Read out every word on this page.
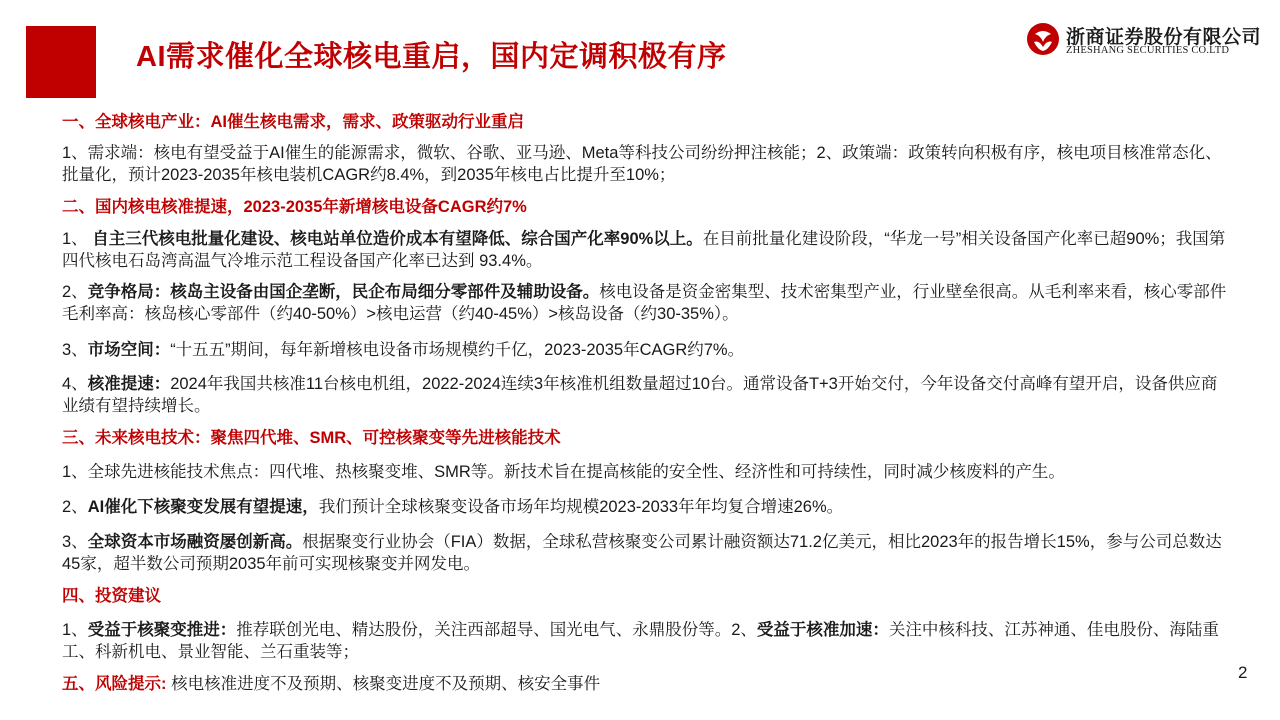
AI需求催化全球核电重启，国内定调积极有序
浙商证券股份有限公司
ZHESHANG SECURITIES CO.LTD

一、全球核电产业：AI催生核电需求，需求、政策驱动行业重启

1、需求端：核电有望受益于AI催生的能源需求，微软、谷歌、亚马逊、Meta等科技公司纷纷押注核能；2、政策端：政策转向积极有序，核电项目核准常态化、批量化，预计2023-2035年核电装机CAGR约8.4%，到2035年核电占比提升至10%；

二、国内核电核准提速，2023-2035年新增核电设备CAGR约7%

1、 自主三代核电批量化建设、核电站单位造价成本有望降低、综合国产化率90%以上。在目前批量化建设阶段，“华龙一号”相关设备国产化率已超90%；我国第四代核电石岛湾高温气冷堆示范工程设备国产化率已达到 93.4%。

2、竞争格局：核岛主设备由国企垄断，民企布局细分零部件及辅助设备。核电设备是资金密集型、技术密集型产业，行业壁垒很高。从毛利率来看，核心零部件毛利率高：核岛核心零部件（约40-50%）>核电运营（约40-45%）>核岛设备（约30-35%）。

3、市场空间：“十五五”期间，每年新增核电设备市场规模约千亿，2023-2035年CAGR约7%。

4、核准提速：2024年我国共核准11台核电机组，2022-2024连续3年核准机组数量超过10台。通常设备T+3开始交付，今年设备交付高峰有望开启，设备供应商业绩有望持续增长。

三、未来核电技术：聚焦四代堆、SMR、可控核聚变等先进核能技术

1、全球先进核能技术焦点：四代堆、热核聚变堆、SMR等。新技术旨在提高核能的安全性、经济性和可持续性，同时减少核废料的产生。

2、AI催化下核聚变发展有望提速，我们预计全球核聚变设备市场年均规模2023-2033年年均复合增速26%。

3、全球资本市场融资屡创新高。根据聚变行业协会（FIA）数据，全球私营核聚变公司累计融资额达71.2亿美元，相比2023年的报告增长15%，参与公司总数达45家，超半数公司预期2035年前可实现核聚变并网发电。

四、投资建议

1、受益于核聚变推进：推荐联创光电、精达股份，关注西部超导、国光电气、永鼎股份等。2、受益于核准加速：关注中核科技、江苏神通、佳电股份、海陆重工、科新机电、景业智能、兰石重装等；

五、风险提示: 核电核准进度不及预期、核聚变进度不及预期、核安全事件

2
